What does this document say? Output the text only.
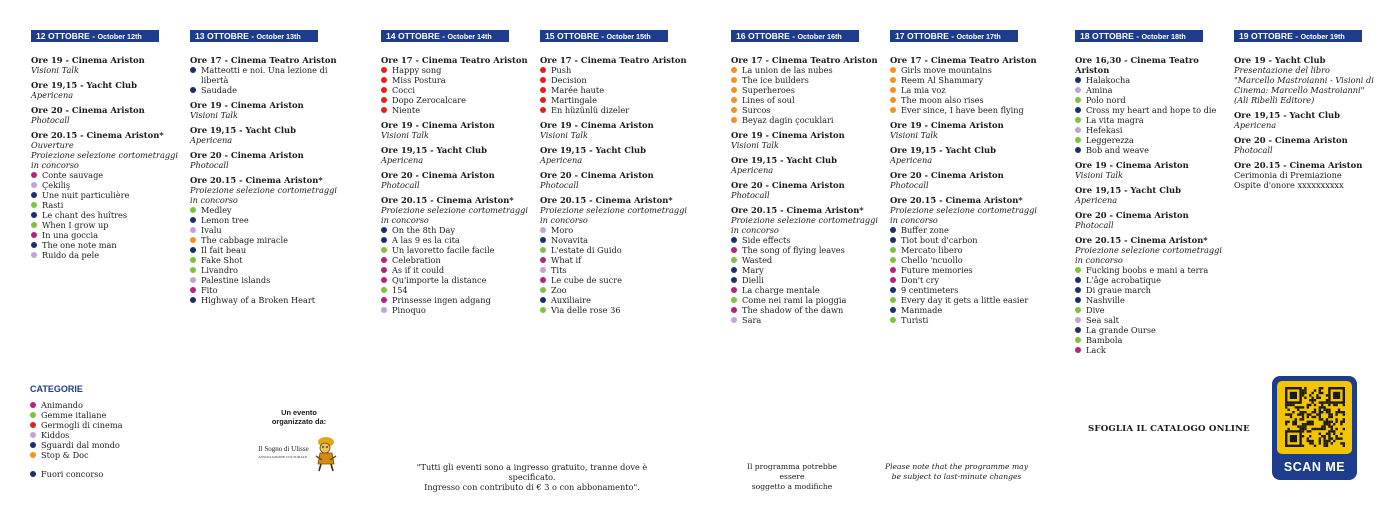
12 OTTOBRE - October 12th
Ore 19 - Cinema Ariston
Visioni Talk
Ore 19,15 - Yacht Club
Apericena
Ore 20 - Cinema Ariston
Photocall
Ore 20.15 - Cinema Ariston*
Ouverture
Proiezione selezione cortometraggi
in concorso
Conte sauvage
Çekiliş
Une nuit particulière
Rasti
Le chant des huîtres
When I grow up
In una goccia
The one note man
Ruido da pele
13 OTTOBRE - October 13th
Ore 17 - Cinema Teatro Ariston
Matteotti e noi. Una lezione di
libertà
Saudade
Ore 19 - Cinema Ariston
Visioni Talk
Ore 19,15 - Yacht Club
Apericena
Ore 20 - Cinema Ariston
Photocall
Ore 20.15 - Cinema Ariston*
Proiezione selezione cortometraggi
in concorso
Medley
Lemon tree
Ivalu
The cabbage miracle
Il fait beau
Fake Shot
Livandro
Palestine islands
Fito
Highway of a Broken Heart
14 OTTOBRE - October 14th
Ore 17 - Cinema Teatro Ariston
Happy song
Miss Postura
Cocci
Dopo Zerocalcare
Niente
Ore 19 - Cinema Ariston
Visioni Talk
Ore 19,15 - Yacht Club
Apericena
Ore 20 - Cinema Ariston
Photocall
Ore 20.15 - Cinema Ariston*
Proiezione selezione cortometraggi
in concorso
On the 8th Day
A las 9 es la cita
Un lavoretto facile facile
Celebration
As if it could
Qu'importe la distance
154
Prinsesse ingen adgang
Pinoquo
15 OTTOBRE - October 15th
Ore 17 - Cinema Teatro Ariston
Push
Decision
Marée haute
Martingale
En hüzünlü dizeler
Ore 19 - Cinema Ariston
Visioni Talk
Ore 19,15 - Yacht Club
Apericena
Ore 20 - Cinema Ariston
Photocall
Ore 20.15 - Cinema Ariston*
Proiezione selezione cortometraggi
in concorso
Moro
Novavita
L'estate di Guido
What if
Tits
Le cube de sucre
Zoo
Auxiliaire
Via delle rose 36
16 OTTOBRE - October 16th
Ore 17 - Cinema Teatro Ariston
La union de las nubes
The ice builders
Superheroes
Lines of soul
Surcos
Beyaz dagin çocuklari
Ore 19 - Cinema Ariston
Visioni Talk
Ore 19,15 - Yacht Club
Apericena
Ore 20 - Cinema Ariston
Photocall
Ore 20.15 - Cinema Ariston*
Proiezione selezione cortometraggi
in concorso
Side effects
The song of flying leaves
Wasted
Mary
Dielli
La charge mentale
Come nei rami la pioggia
The shadow of the dawn
Sara
17 OTTOBRE - October 17th
Ore 17 - Cinema Teatro Ariston
Girls move mountains
Reem Al Shammary
La mia voz
The moon also rises
Ever since, I have been flying
Ore 19 - Cinema Ariston
Visioni Talk
Ore 19,15 - Yacht Club
Apericena
Ore 20 - Cinema Ariston
Photocall
Ore 20.15 - Cinema Ariston*
Proiezione selezione cortometraggi
in concorso
Buffer zone
Tiot bout d'carbon
Mercato libero
Chello 'ncuollo
Future memories
Don't cry
9 centimeters
Every day it gets a little easier
Manmade
Turisti
18 OTTOBRE - October 18th
Ore 16,30 - Cinema Teatro Ariston
Halakocha
Amina
Polo nord
Cross my heart and hope to die
La vita magra
Hefekasi
Leggerezza
Bob and weave
Ore 19 - Cinema Ariston
Visioni Talk
Ore 19,15 - Yacht Club
Apericena
Ore 20 - Cinema Ariston
Photocall
Ore 20.15 - Cinema Ariston*
Proiezione selezione cortometraggi
in concorso
Fucking boobs e mani a terra
L'âge acrobatique
Di graue march
Nashville
Dive
Sea salt
La grande Ourse
Bambola
Lack
19 OTTOBRE - October 19th
Ore 19 - Yacht Club
Presentazione del libro
"Marcello Mastroianni - Visioni di
Cinema: Marcello Mastroianni"
(Ali Ribelli Editore)
Ore 19,15 - Yacht Club
Apericena
Ore 20 - Cinema Ariston
Photocall
Ore 20.15 - Cinema Ariston
Cerimonia di Premiazione
Ospite d'onore xxxxxxxxxx
CATEGORIE
Animando
Gemme italiane
Germogli di cinema
Kiddos
Sguardi dal mondo
Stop & Doc
Fuori concorso
Un evento
organizzato da:
Il Sogno di Ulisse
ASSOCIAZIONE CULTURALE
"Tutti gli eventi sono a ingresso gratuito, tranne dove è specificato.
Ingresso con contributo di € 3 o con abbonamento".
Il programma potrebbe essere
soggetto a modifiche
Please note that the programme may
be subject to last-minute changes
SFOGLIA IL CATALOGO ONLINE
SCAN ME
